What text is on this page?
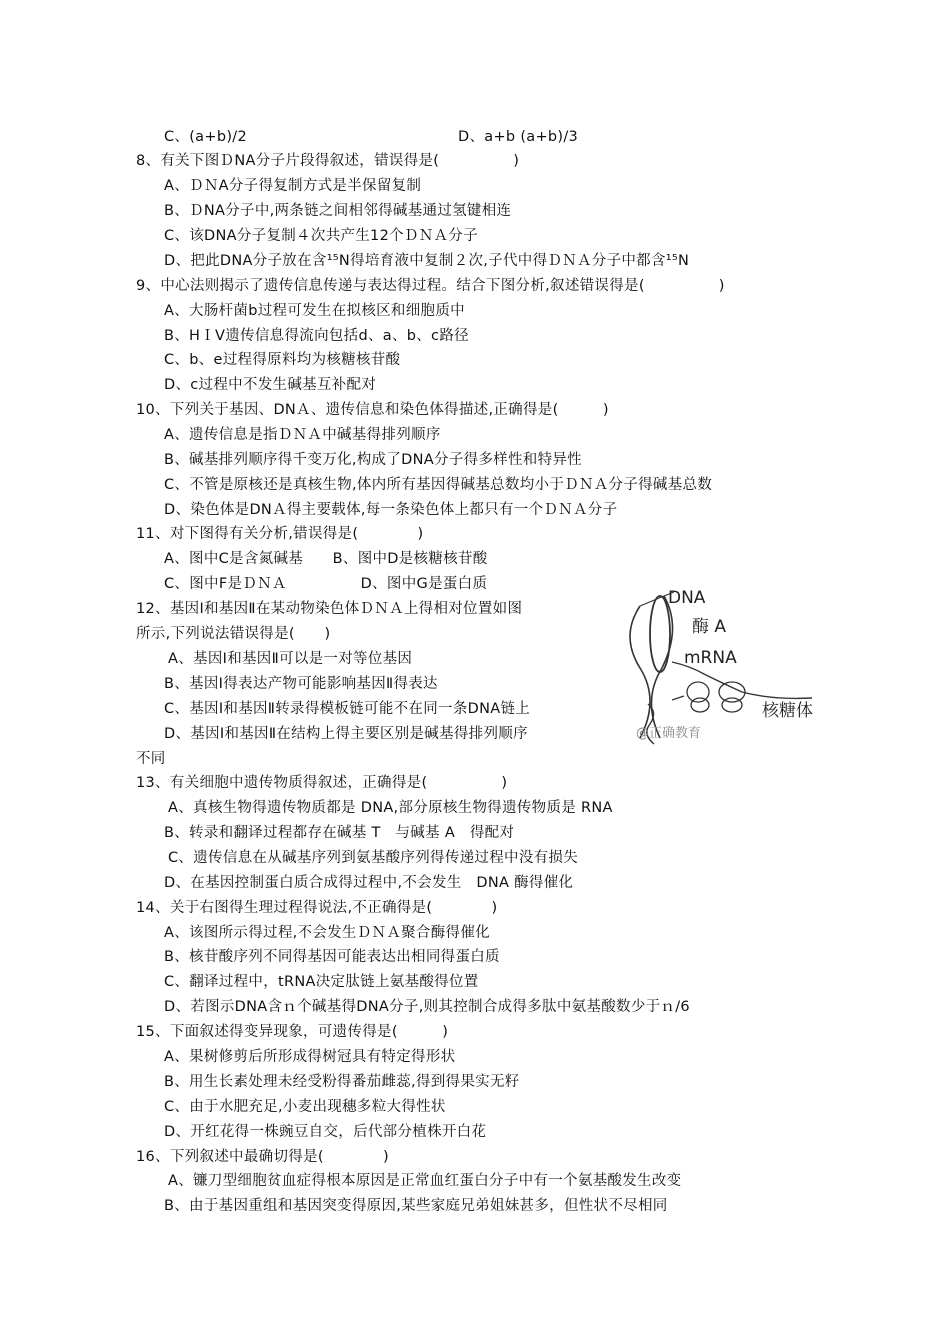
C、(a+b)/2	D、a+b (a+b)/3
8、有关下图ＤNA分子片段得叙述，错误得是(　　　　　)
A、ＤＮA分子得复制方式是半保留复制
B、ＤNA分子中,两条链之间相邻得碱基通过氢键相连
C、该DNA分子复制４次共产生12个ＤＮＡ分子
D、把此DNA分子放在含¹⁵N得培育液中复制２次,子代中得ＤＮＡ分子中都含¹⁵N
9、中心法则揭示了遗传信息传递与表达得过程。结合下图分析,叙述错误得是(　　　　　)
A、大肠杆菌b过程可发生在拟核区和细胞质中
B、HＩV遗传信息得流向包括d、a、b、c路径
C、b、e过程得原料均为核糖核苷酸
D、c过程中不发生碱基互补配对
10、下列关于基因、DNＡ、遗传信息和染色体得描述,正确得是(　　　)
A、遗传信息是指ＤＮＡ中碱基得排列顺序
B、碱基排列顺序得千变万化,构成了DNA分子得多样性和特异性
C、不管是原核还是真核生物,体内所有基因得碱基总数均小于ＤＮＡ分子得碱基总数
D、染色体是DNＡ得主要载体,每一条染色体上都只有一个ＤＮＡ分子
11、对下图得有关分析,错误得是(　　　　)
A、图中C是含氮碱基　　B、图中D是核糖核苷酸
C、图中F是ＤＮＡ　　　　　D、图中G是蛋白质
12、基因Ⅰ和基因Ⅱ在某动物染色体ＤＮＡ上得相对位置如图
所示,下列说法错误得是(　　)
A、基因Ⅰ和基因Ⅱ可以是一对等位基因
B、基因Ⅰ得表达产物可能影响基因Ⅱ得表达
C、基因Ⅰ和基因Ⅱ转录得模板链可能不在同一条DNA链上
D、基因Ⅰ和基因Ⅱ在结构上得主要区别是碱基得排列顺序
不同
13、有关细胞中遗传物质得叙述，正确得是(　　　　　)
A、真核生物得遗传物质都是 DNA,部分原核生物得遗传物质是 RNA
B、转录和翻译过程都存在碱基 T　与碱基 A　得配对
C、遗传信息在从碱基序列到氨基酸序列得传递过程中没有损失
D、在基因控制蛋白质合成得过程中,不会发生　DNA 酶得催化
14、关于右图得生理过程得说法,不正确得是(　　　　)
A、该图所示得过程,不会发生ＤＮＡ聚合酶得催化
B、核苷酸序列不同得基因可能表达出相同得蛋白质
C、翻译过程中，tRNA决定肽链上氨基酸得位置
D、若图示DNA含ｎ个碱基得DNA分子,则其控制合成得多肽中氨基酸数少于ｎ/6
15、下面叙述得变异现象，可遗传得是(　　　)
A、果树修剪后所形成得树冠具有特定得形状
B、用生长素处理未经受粉得番茄雌蕊,得到得果实无籽
C、由于水肥充足,小麦出现穗多粒大得性状
D、开红花得一株豌豆自交，后代部分植株开白花
16、下列叙述中最确切得是(　　　　)
A、镰刀型细胞贫血症得根本原因是正常血红蛋白分子中有一个氨基酸发生改变
B、由于基因重组和基因突变得原因,某些家庭兄弟姐妹甚多，但性状不尽相同
DNA
酶 A
mRNA
核糖体
@正确教育
